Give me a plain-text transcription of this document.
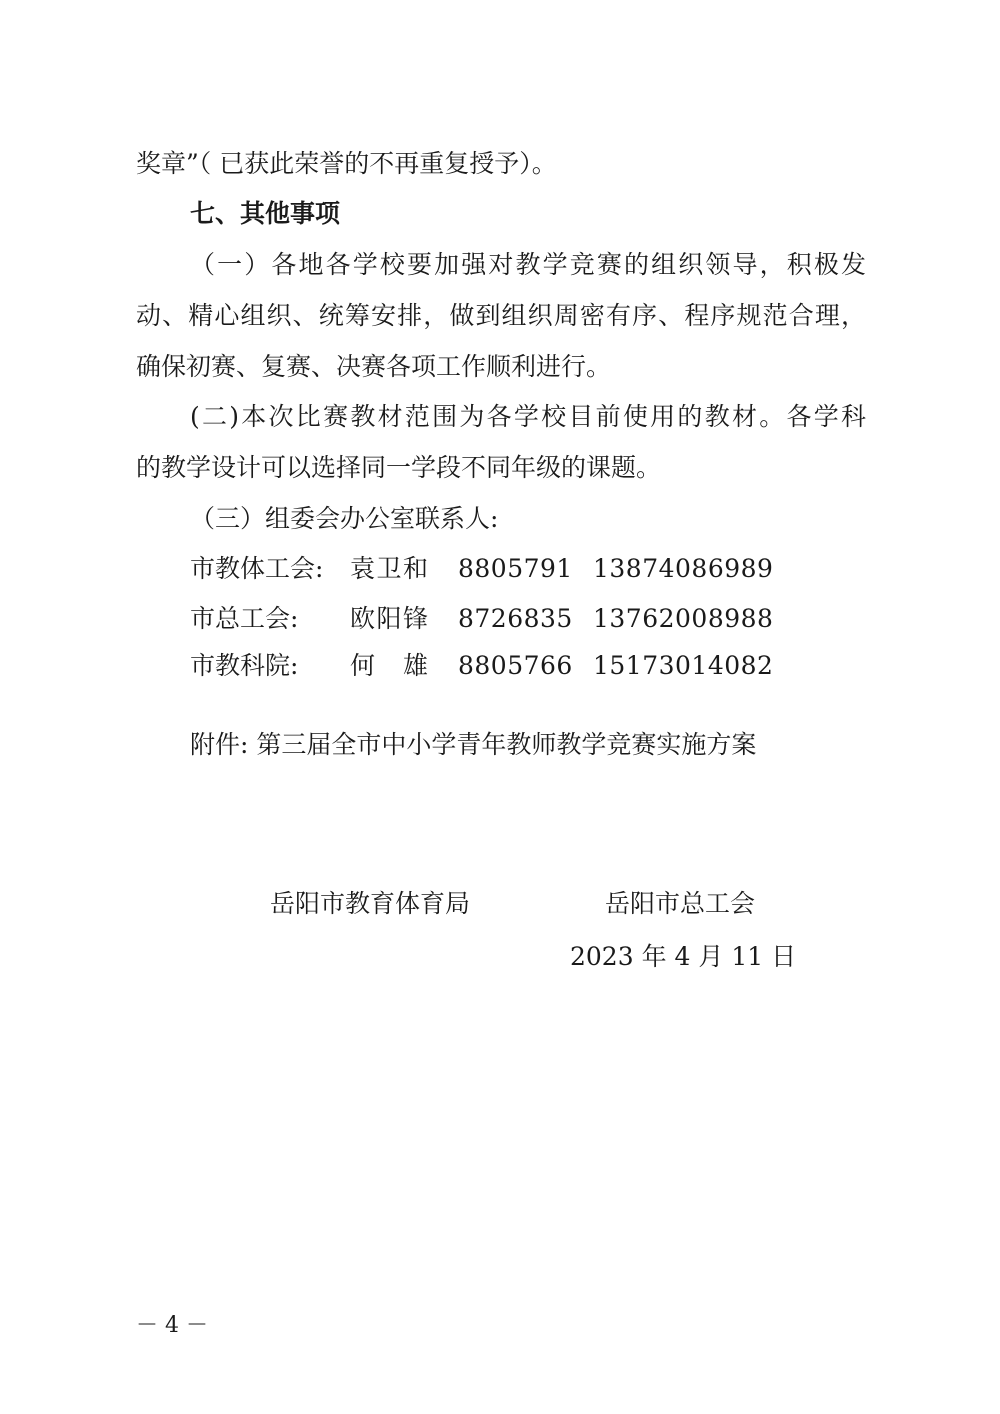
奖章”（ 已获此荣誉的不再重复授予）。
七、其他事项
（一）各地各学校要加强对教学竞赛的组织领导，积极发
动、精心组织、统筹安排，做到组织周密有序、程序规范合理，
确保初赛、复赛、决赛各项工作顺利进行。
(二)本次比赛教材范围为各学校目前使用的教材。各学科
的教学设计可以选择同一学段不同年级的课题。
（三）组委会办公室联系人:
市教体工会: 袁卫和 8805791 13874086989
市总工会: 欧阳锋 8726835 13762008988
市教科院: 何雄 8805766 15173014082
附件: 第三届全市中小学青年教师教学竞赛实施方案
岳阳市教育体育局	岳阳市总工会
2023 年 4 月 11 日
－ 4 －
